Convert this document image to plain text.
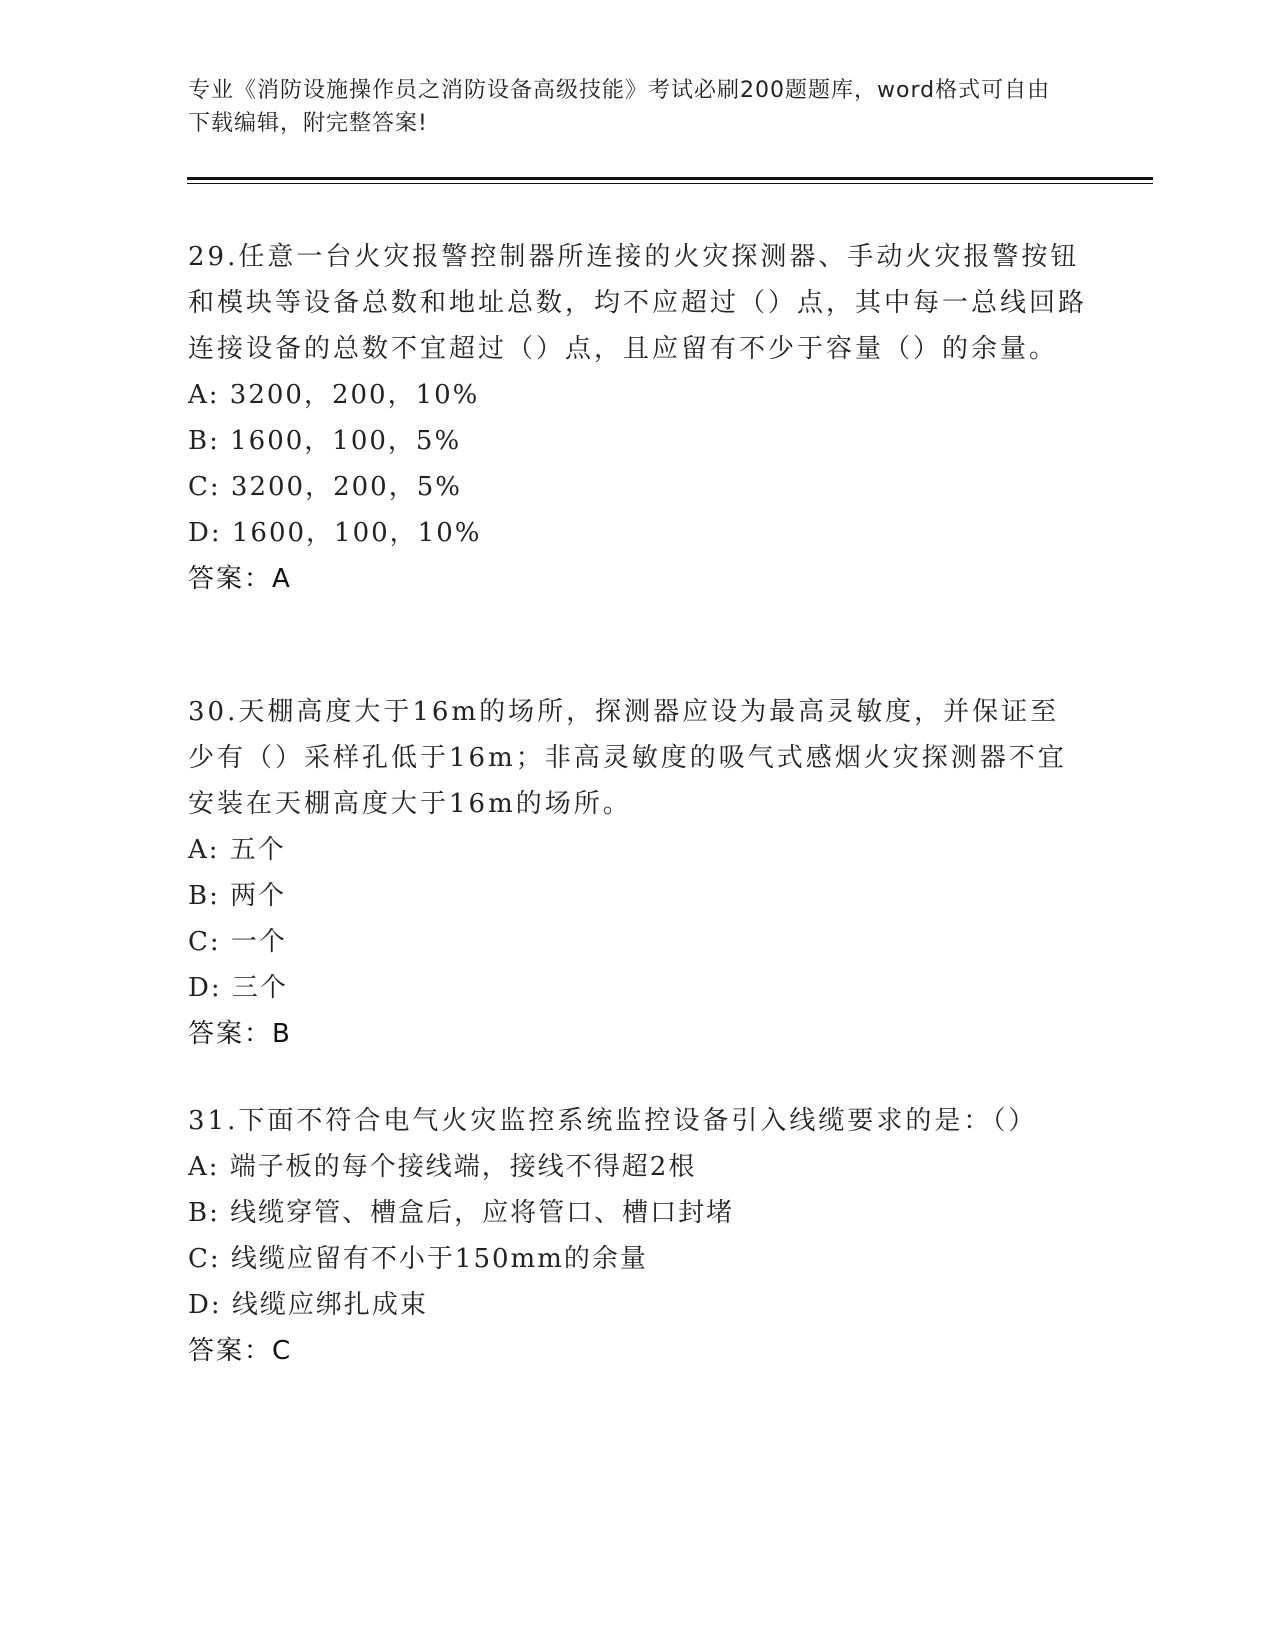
专业《消防设施操作员之消防设备高级技能》考试必刷200题题库，word格式可自由下载编辑，附完整答案!
29.任意一台火灾报警控制器所连接的火灾探测器、手动火灾报警按钮和模块等设备总数和地址总数，均不应超过（）点，其中每一总线回路连接设备的总数不宜超过（）点，且应留有不少于容量（）的余量。
A: 3200，200，10%
B: 1600，100，5%
C: 3200，200，5%
D: 1600，100，10%
答案：A
30.天棚高度大于16m的场所，探测器应设为最高灵敏度，并保证至少有（）采样孔低于16m；非高灵敏度的吸气式感烟火灾探测器不宜安装在天棚高度大于16m的场所。
A: 五个
B: 两个
C: 一个
D: 三个
答案：B
31.下面不符合电气火灾监控系统监控设备引入线缆要求的是：（）
A: 端子板的每个接线端，接线不得超2根
B: 线缆穿管、槽盒后，应将管口、槽口封堵
C: 线缆应留有不小于150mm的余量
D: 线缆应绑扎成束
答案：C
